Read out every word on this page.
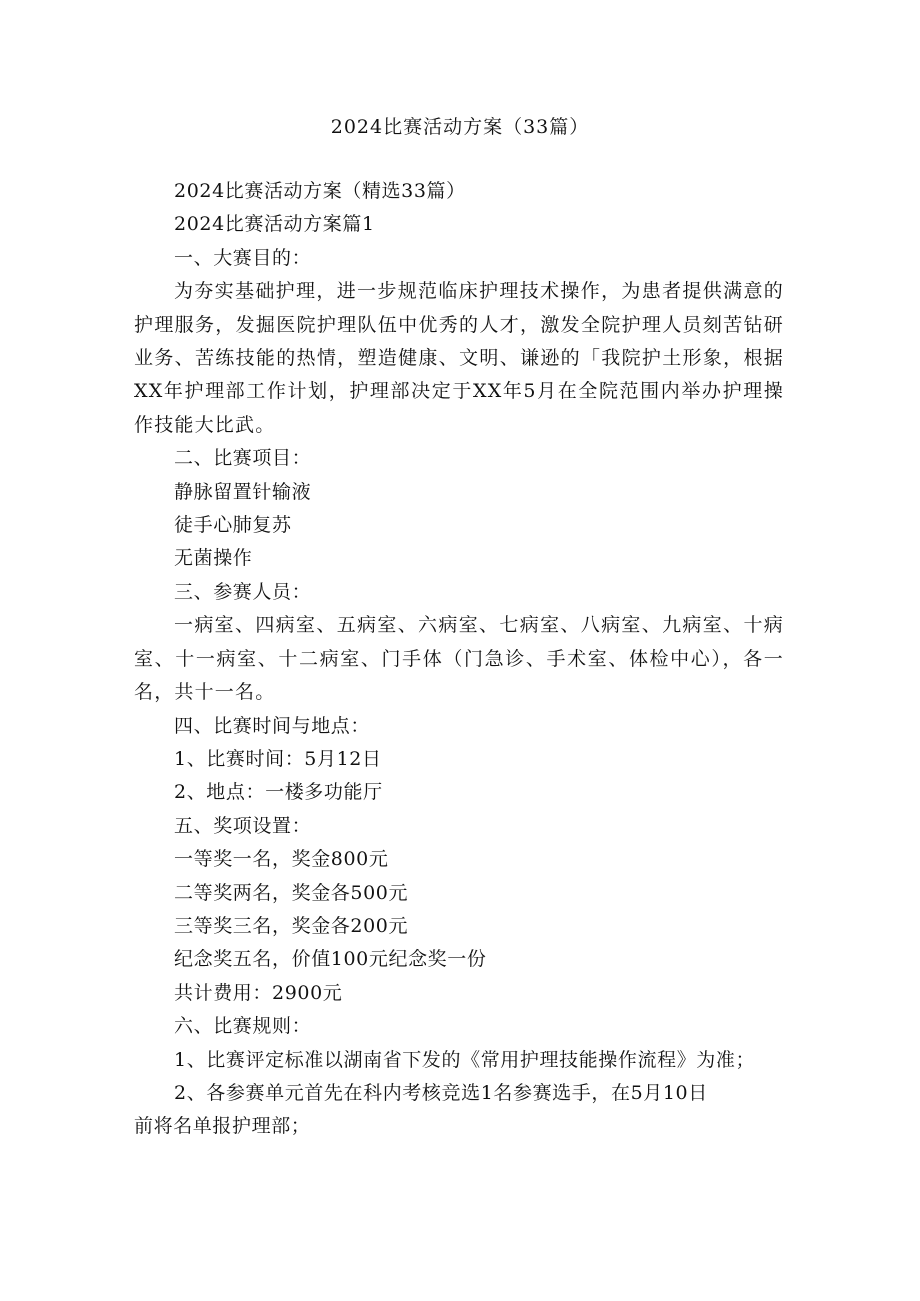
2024比赛活动方案（33篇）

2024比赛活动方案（精选33篇）

2024比赛活动方案篇1

一、大赛目的：

为夯实基础护理，进一步规范临床护理技术操作，为患者提供满意的护理服务，发掘医院护理队伍中优秀的人才，激发全院护理人员刻苦钻研业务、苦练技能的热情，塑造健康、文明、谦逊的「我院护土形象，根据XX年护理部工作计划，护理部决定于XX年5月在全院范围内举办护理操作技能大比武。

二、比赛项目：

静脉留置针输液

徒手心肺复苏

无菌操作

三、参赛人员：

一病室、四病室、五病室、六病室、七病室、八病室、九病室、十病室、十一病室、十二病室、门手体（门急诊、手术室、体检中心），各一名，共十一名。

四、比赛时间与地点：

1、比赛时间：5月12日

2、地点：一楼多功能厅

五、奖项设置：

一等奖一名，奖金800元

二等奖两名，奖金各500元

三等奖三名，奖金各200元

纪念奖五名，价值100元纪念奖一份

共计费用：2900元

六、比赛规则：

1、比赛评定标准以湖南省下发的《常用护理技能操作流程》为准；

2、各参赛单元首先在科内考核竞选1名参赛选手，在5月10日

前将名单报护理部；
